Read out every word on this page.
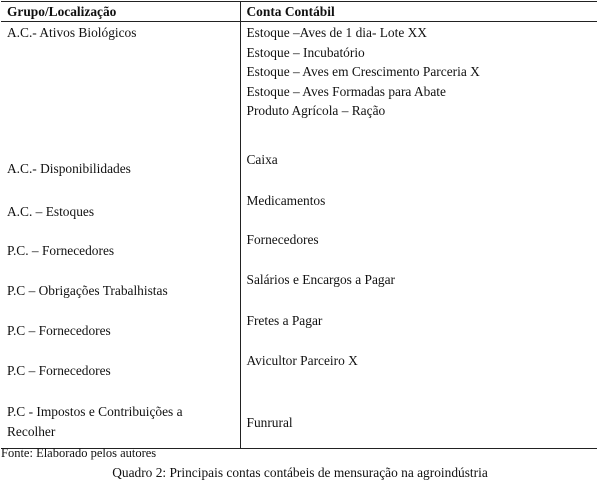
Grupo/Localização	Conta Contábil

A.C.- Ativos Biológicos	Estoque –Aves de 1 dia- Lote XX
Estoque – Incubatório
Estoque – Aves em Crescimento Parceria X
Estoque – Aves Formadas para Abate
Produto Agrícola – Ração

A.C.- Disponibilidades	Caixa

A.C. – Estoques	Medicamentos

P.C. – Fornecedores	Fornecedores

P.C – Obrigações Trabalhistas	Salários e Encargos a Pagar

P.C – Fornecedores	Fretes a Pagar

P.C – Fornecedores	Avicultor Parceiro X

P.C - Impostos e Contribuições a
Recolher	Funrural
Fonte: Elaborado pelos autores
Quadro 2: Principais contas contábeis de mensuração na agroindústria
